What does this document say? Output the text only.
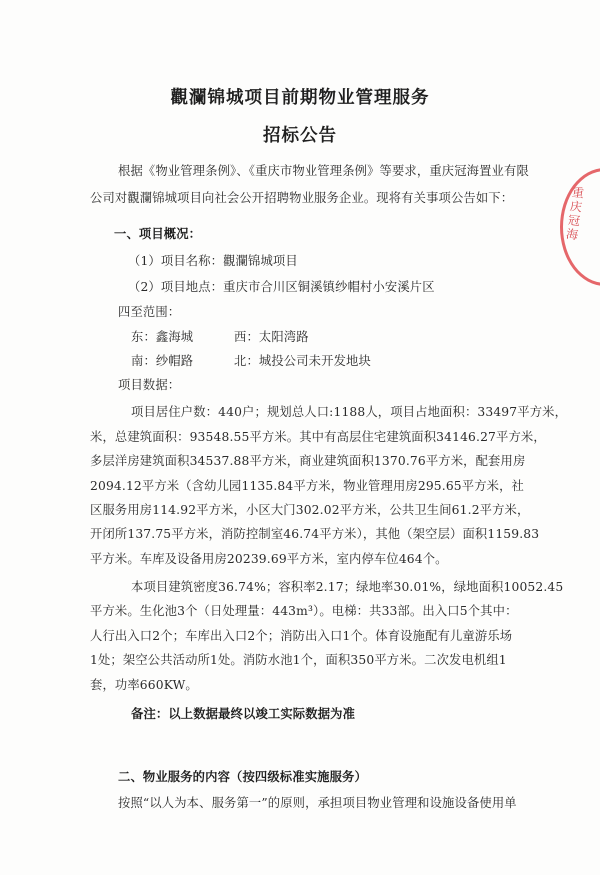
觀瀾锦城项目前期物业管理服务
招标公告
根据《物业管理条例》、《重庆市物业管理条例》等要求，重庆冠海置业有限
公司对觀瀾锦城项目向社会公开招聘物业服务企业。现将有关事项公告如下：
一、项目概况：
（1）项目名称：觀瀾锦城项目
（2）项目地点：重庆市合川区铜溪镇纱帽村小安溪片区
四至范围：
东：鑫海城	西：太阳湾路
南：纱帽路	北：城投公司未开发地块
项目数据：
项目居住户数：440户；规划总人口:1188人，项目占地面积：33497平方米，
米，总建筑面积：93548.55平方米。其中有高层住宅建筑面积34146.27平方米，
多层洋房建筑面积34537.88平方米，商业建筑面积1370.76平方米，配套用房
2094.12平方米（含幼儿园1135.84平方米，物业管理用房295.65平方米，社
区服务用房114.92平方米，小区大门302.02平方米，公共卫生间61.2平方米，
开闭所137.75平方米，消防控制室46.74平方米），其他（架空层）面积1159.83
平方米。车库及设备用房20239.69平方米，室内停车位464个。
本项目建筑密度36.74%；容积率2.17；绿地率30.01%，绿地面积10052.45
平方米。生化池3个（日处理量：443m³）。电梯：共33部。出入口5个其中：
人行出入口2个；车库出入口2个；消防出入口1个。体育设施配有儿童游乐场
1处；架空公共活动所1处。消防水池1个，面积350平方米。二次发电机组1
套，功率660KW。
备注：以上数据最终以竣工实际数据为准
二、物业服务的内容（按四级标准实施服务）
按照“以人为本、服务第一”的原则，承担项目物业管理和设施设备使用单
重庆冠海
